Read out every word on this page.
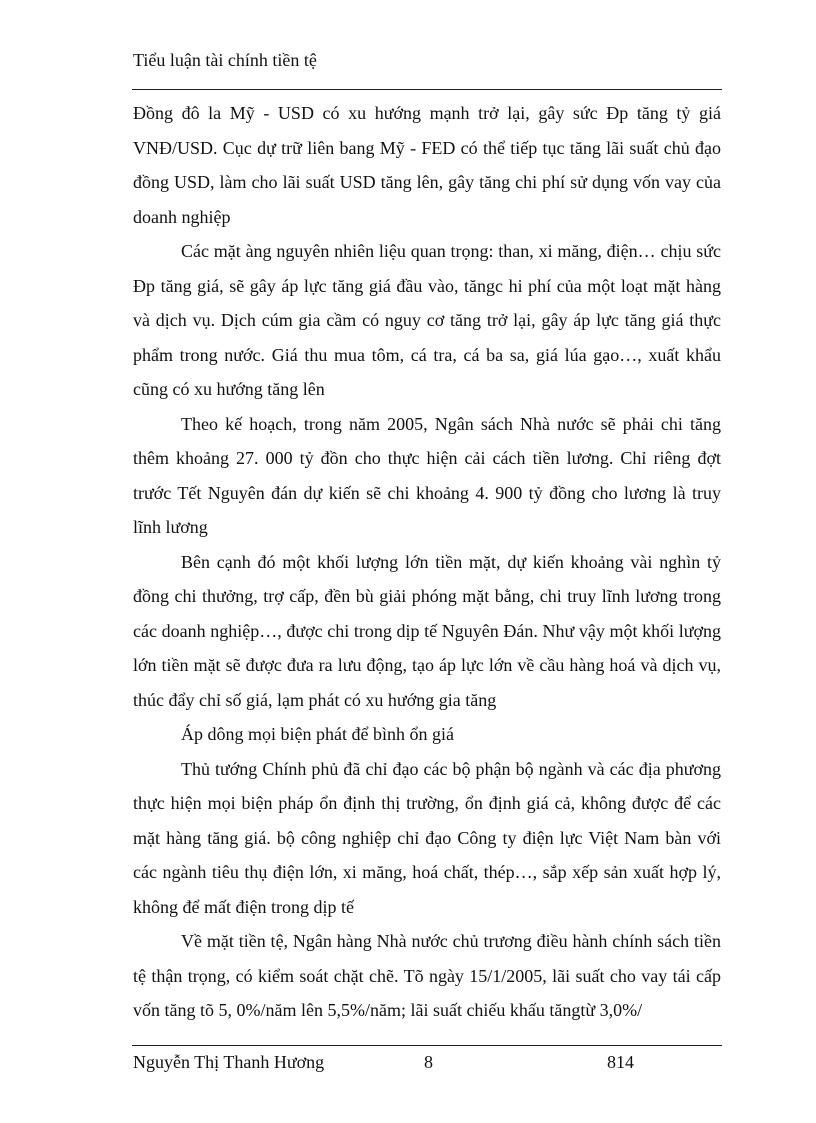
Tiểu luận tài chính tiền tệ

Đồng đô la Mỹ - USD có xu hướng mạnh trở lại, gây sức Ðp tăng tỷ giá VNĐ/USD. Cục dự trữ liên bang Mỹ - FED có thể tiếp tục tăng lãi suất chủ đạo đồng USD, làm cho lãi suất USD tăng lên, gây tăng chi phí sử dụng vốn vay của doanh nghiệp

Các mặt àng nguyên nhiên liệu quan trọng: than, xi măng, điện… chịu sức Ðp tăng giá, sẽ gây áp lực tăng giá đầu vào, tăngc hi phí của một loạt mặt hàng và dịch vụ. Dịch cúm gia cầm có nguy cơ tăng trở lại, gây áp lực tăng giá thực phẩm trong nước. Giá thu mua tôm, cá tra, cá ba sa, giá lúa gạo…, xuất khẩu cũng có xu hướng tăng lên

Theo kế hoạch, trong năm 2005, Ngân sách Nhà nước sẽ phải chi tăng thêm khoảng 27. 000 tỷ đồn cho thực hiện cải cách tiền lương. Chỉ riêng đợt trước Tết Nguyên đán dự kiến sẽ chi khoảng 4. 900 tỷ đồng cho lương là truy lĩnh lương

Bên cạnh đó một khối lượng lớn tiền mặt, dự kiến khoảng vài nghìn tỷ đồng chi thưởng, trợ cấp, đền bù giải phóng mặt bằng, chi truy lĩnh lương trong các doanh nghiệp…, được chi trong dịp tế Nguyên Đán. Như vậy một khối lượng lớn tiền mặt sẽ được đưa ra lưu động, tạo áp lực lớn về cầu hàng hoá và dịch vụ, thúc đẩy chỉ số giá, lạm phát có xu hướng gia tăng

Áp dông mọi biện phát để bình ổn giá

Thủ tướng Chính phủ đã chỉ đạo các bộ phận bộ ngành và các địa phương thực hiện mọi biện pháp ổn định thị trường, ổn định giá cả, không được để các mặt hàng tăng giá. bộ công nghiệp chỉ đạo Công ty điện lực Việt Nam bàn với các ngành tiêu thụ điện lớn, xi măng, hoá chất, thép…, sắp xếp sản xuất hợp lý, không để mất điện trong dịp tế

Về mặt tiền tệ, Ngân hàng Nhà nước chủ trương điều hành chính sách tiền tệ thận trọng, có kiểm soát chặt chẽ. Tõ ngày 15/1/2005, lãi suất cho vay tái cấp vốn tăng tõ 5, 0%/năm lên 5,5%/năm; lãi suất chiếu khấu tăngtừ 3,0%/

Nguyễn Thị Thanh Hương	8	814
